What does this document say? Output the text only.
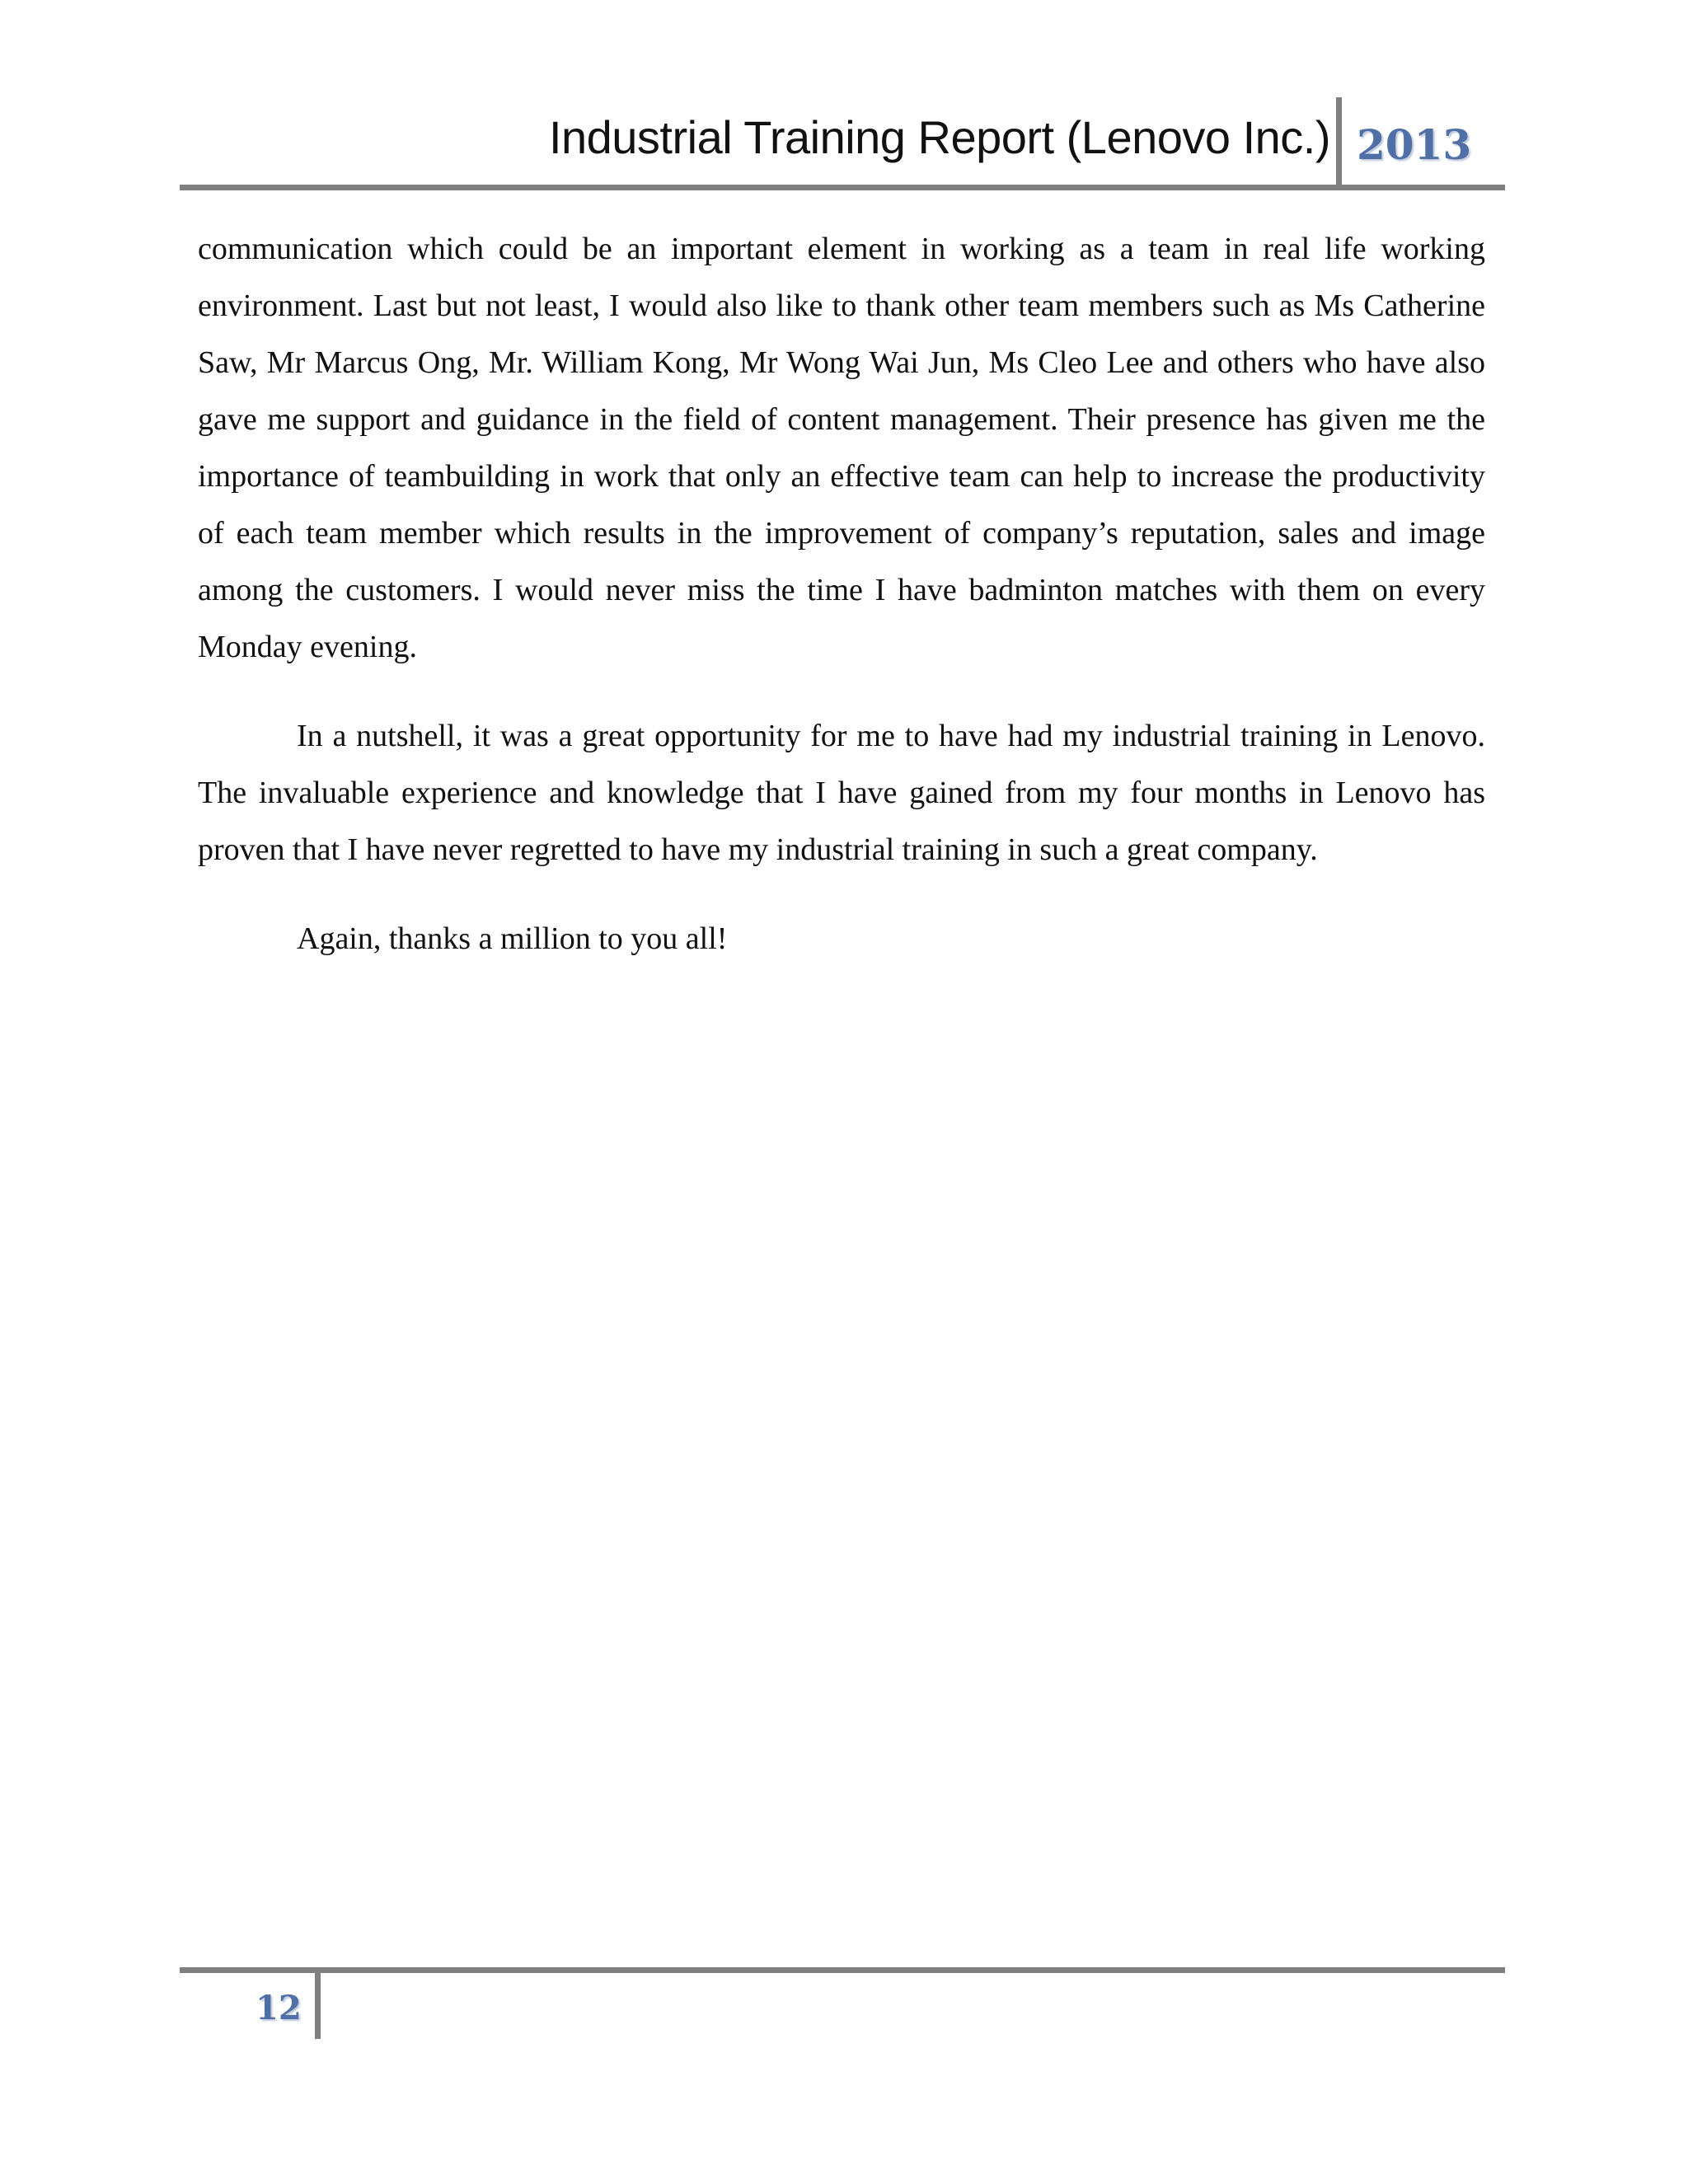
Industrial Training Report (Lenovo Inc.) 2013

communication which could be an important element in working as a team in real life working environment. Last but not least, I would also like to thank other team members such as Ms Catherine Saw, Mr Marcus Ong, Mr. William Kong, Mr Wong Wai Jun, Ms Cleo Lee and others who have also gave me support and guidance in the field of content management. Their presence has given me the importance of teambuilding in work that only an effective team can help to increase the productivity of each team member which results in the improvement of company’s reputation, sales and image among the customers. I would never miss the time I have badminton matches with them on every Monday evening.

In a nutshell, it was a great opportunity for me to have had my industrial training in Lenovo. The invaluable experience and knowledge that I have gained from my four months in Lenovo has proven that I have never regretted to have my industrial training in such a great company.

Again, thanks a million to you all!

12
